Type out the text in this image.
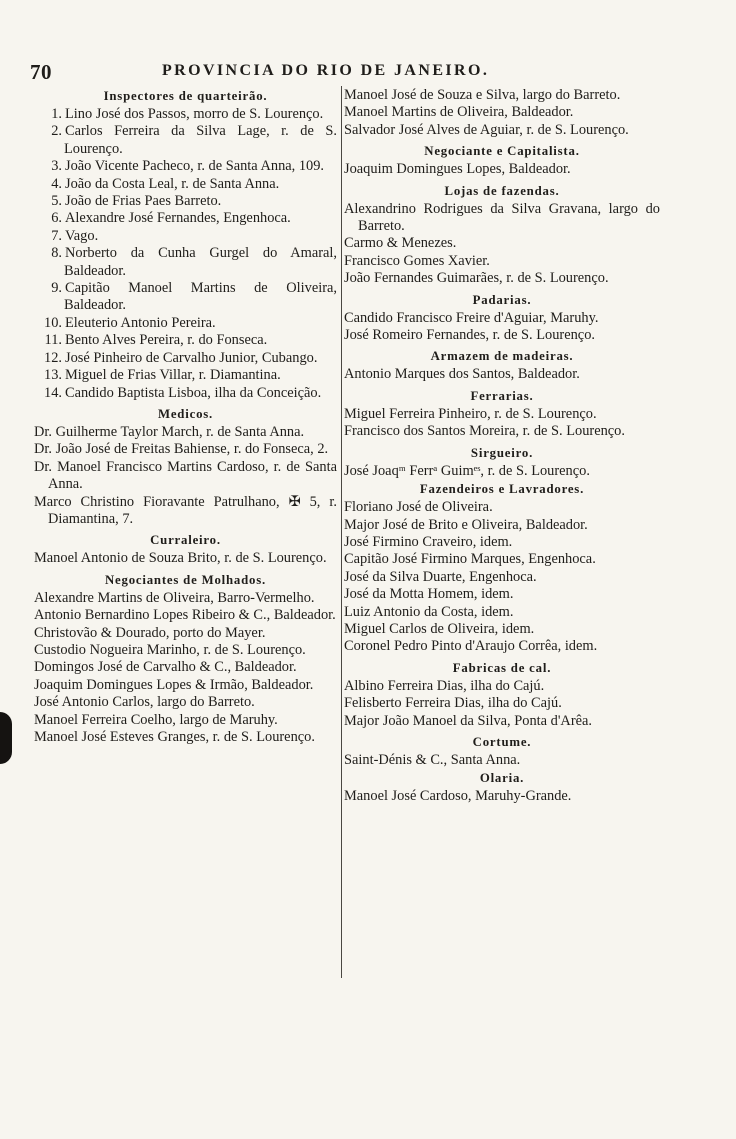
70	PROVINCIA DO RIO DE JANEIRO.
Inspectores de quarteirão.

1. Lino José dos Passos, morro de S. Lourenço.

2. Carlos Ferreira da Silva Lage, r. de S. Lourenço.

3. João Vicente Pacheco, r. de Santa Anna, 109.

4. João da Costa Leal, r. de Santa Anna.

5. João de Frias Paes Barreto.

6. Alexandre José Fernandes, Engenhoca.

7. Vago.

8. Norberto da Cunha Gurgel do Amaral, Baldeador.

9. Capitão Manoel Martins de Oliveira, Baldeador.

10. Eleuterio Antonio Pereira.

11. Bento Alves Pereira, r. do Fonseca.

12. José Pinheiro de Carvalho Junior, Cubango.

13. Miguel de Frias Villar, r. Diamantina.

14. Candido Baptista Lisboa, ilha da Conceição.

Medicos.

Dr. Guilherme Taylor March, r. de Santa Anna.

Dr. João José de Freitas Bahiense, r. do Fonseca, 2.

Dr. Manoel Francisco Martins Cardoso, r. de Santa Anna.

Marco Christino Fioravante Patrulhano, ✠ 5, r. Diamantina, 7.

Curraleiro.

Manoel Antonio de Souza Brito, r. de S. Lourenço.

Negociantes de Molhados.

Alexandre Martins de Oliveira, Barro-Vermelho.

Antonio Bernardino Lopes Ribeiro & C., Baldeador.

Christovão & Dourado, porto do Mayer.

Custodio Nogueira Marinho, r. de S. Lourenço.

Domingos José de Carvalho & C., Baldeador.

Joaquim Domingues Lopes & Irmão, Baldeador.

José Antonio Carlos, largo do Barreto.

Manoel Ferreira Coelho, largo de Maruhy.

Manoel José Esteves Granges, r. de S. Lourenço.

Manoel José de Souza e Silva, largo do Barreto.

Manoel Martins de Oliveira, Baldeador.

Salvador José Alves de Aguiar, r. de S. Lourenço.

Negociante e Capitalista.

Joaquim Domingues Lopes, Baldeador.

Lojas de fazendas.

Alexandrino Rodrigues da Silva Gravana, largo do Barreto.

Carmo & Menezes.

Francisco Gomes Xavier.

João Fernandes Guimarães, r. de S. Lourenço.

Padarias.

Candido Francisco Freire d'Aguiar, Maruhy.

José Romeiro Fernandes, r. de S. Lourenço.

Armazem de madeiras.

Antonio Marques dos Santos, Baldeador.

Ferrarias.

Miguel Ferreira Pinheiro, r. de S. Lourenço.

Francisco dos Santos Moreira, r. de S. Lourenço.

Sirgueiro.

José Joaqᵐ Ferrᵃ Guimᵉˢ, r. de S. Lourenço.

Fazendeiros e Lavradores.

Floriano José de Oliveira.

Major José de Brito e Oliveira, Baldeador.

José Firmino Craveiro, idem.

Capitão José Firmino Marques, Engenhoca.

José da Silva Duarte, Engenhoca.

José da Motta Homem, idem.

Luiz Antonio da Costa, idem.

Miguel Carlos de Oliveira, idem.

Coronel Pedro Pinto d'Araujo Corrêa, idem.

Fabricas de cal.

Albino Ferreira Dias, ilha do Cajú.

Felisberto Ferreira Dias, ilha do Cajú.

Major João Manoel da Silva, Ponta d'Arêa.

Cortume.

Saint-Dénis & C., Santa Anna.

Olaria.

Manoel José Cardoso, Maruhy-Grande.
